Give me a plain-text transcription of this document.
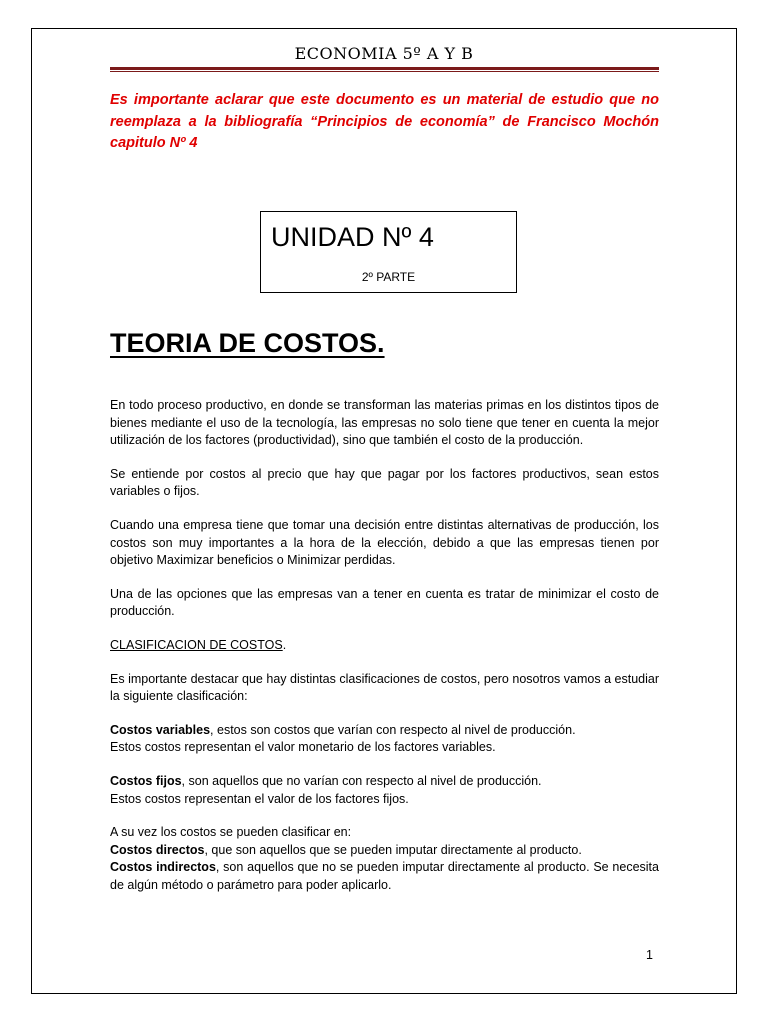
ECONOMIA 5º A Y B
Es importante aclarar que este documento es un material de estudio que no reemplaza a la bibliografía “Principios de economía” de Francisco Mochón capitulo Nº 4
UNIDAD Nº 4
2º PARTE
TEORIA DE COSTOS.

En todo proceso productivo, en donde se transforman las materias primas en los distintos tipos de bienes mediante el uso de la tecnología, las empresas no solo tiene que tener en cuenta la mejor utilización de los factores (productividad), sino que también el costo de la producción.

Se entiende por costos al precio que hay que pagar por los factores productivos, sean estos variables o fijos.

Cuando una empresa tiene que tomar una decisión entre distintas alternativas de producción, los costos son muy importantes a la hora de la elección, debido a que las empresas tienen por objetivo Maximizar beneficios o Minimizar perdidas.

Una de las opciones que las empresas van a tener en cuenta es tratar de minimizar el costo de producción.

CLASIFICACION DE COSTOS.

Es importante destacar que hay distintas clasificaciones de costos, pero nosotros vamos a estudiar la siguiente clasificación:

Costos variables, estos son costos que varían con respecto al nivel de producción.

Estos costos representan el valor monetario de los factores variables.

Costos fijos, son aquellos que no varían con respecto al nivel de producción.

Estos costos representan el valor de los factores fijos.

A su vez los costos se pueden clasificar en:

Costos directos, que son aquellos que se pueden imputar directamente al producto.

Costos indirectos, son aquellos que no se pueden imputar directamente al producto. Se necesita de algún método o parámetro para poder aplicarlo.

1
